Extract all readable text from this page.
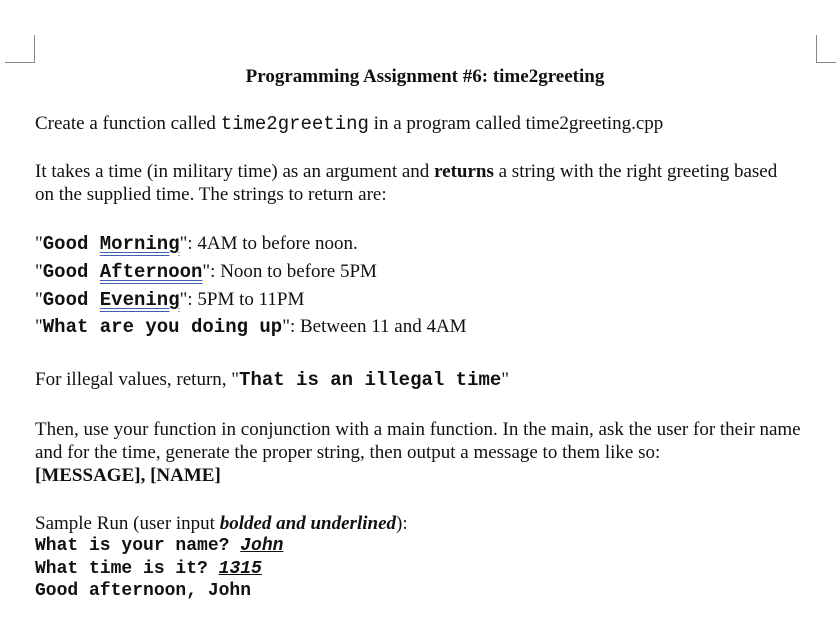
Programming Assignment #6: time2greeting
Create a function called time2greeting in a program called time2greeting.cpp

It takes a time (in military time) as an argument and returns a string with the right greeting based on the supplied time. The strings to return are:

"Good Morning": 4AM to before noon.
"Good Afternoon": Noon to before 5PM
"Good Evening": 5PM to 11PM
"What are you doing up": Between 11 and 4AM
For illegal values, return, "That is an illegal time"

Then, use your function in conjunction with a main function. In the main, ask the user for their name and for the time, generate the proper string, then output a message to them like so:
[MESSAGE], [NAME]

Sample Run (user input bolded and underlined):
What is your name? John
What time is it? 1315
Good afternoon, John
